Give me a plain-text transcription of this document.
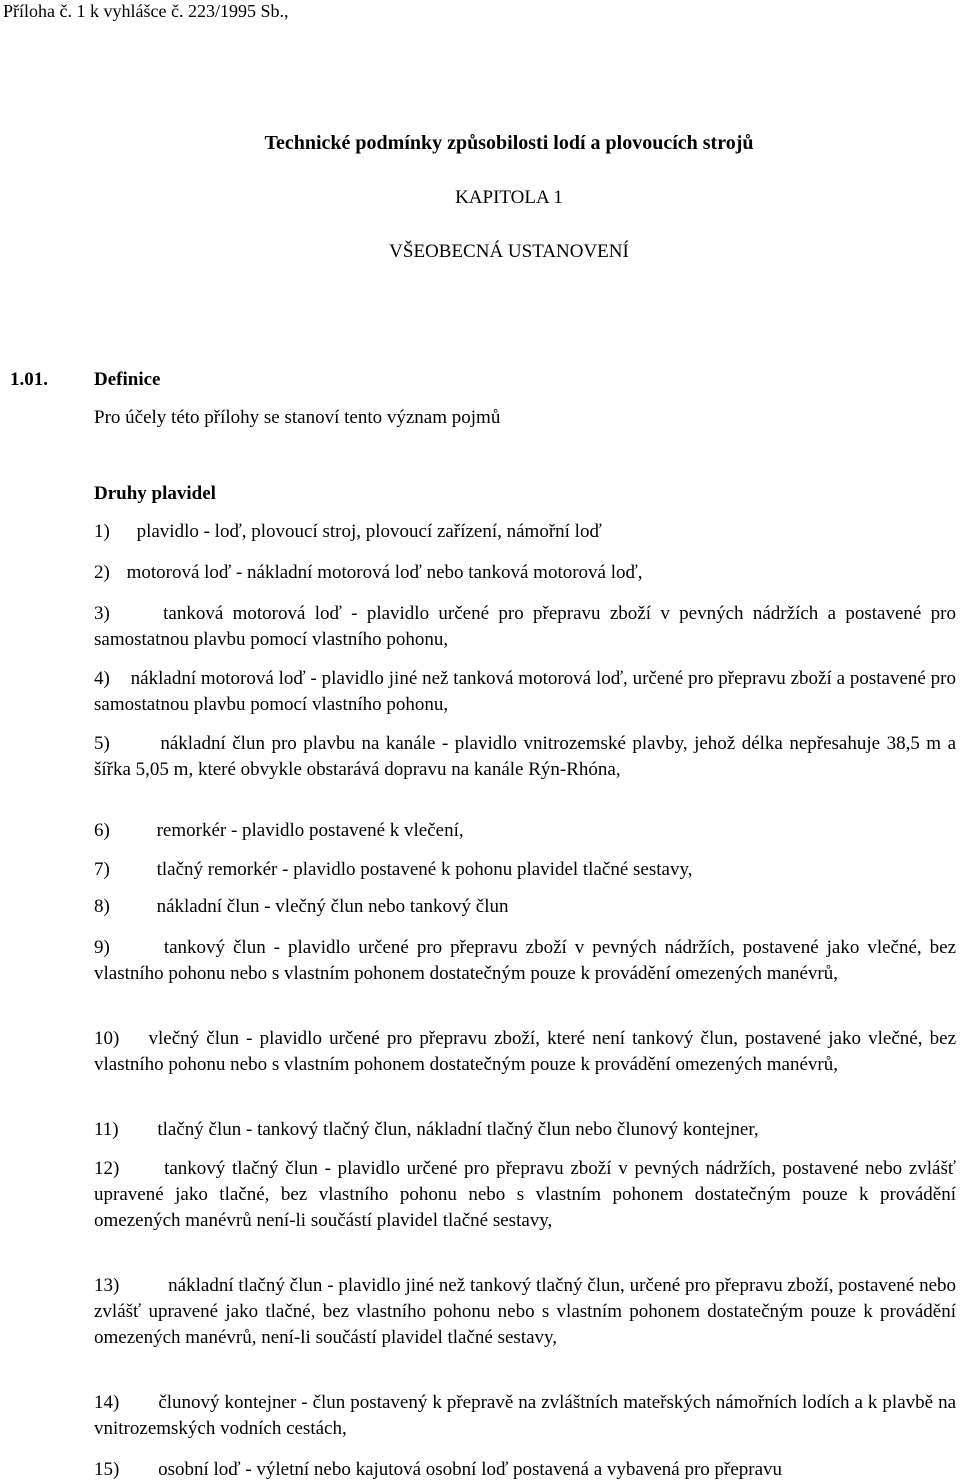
Příloha č. 1 k vyhlášce č. 223/1995 Sb.,
Technické podmínky způsobilosti lodí a plovoucích strojů
KAPITOLA 1
VŠEOBECNÁ USTANOVENÍ
1.01. Definice
Pro účely této přílohy se stanoví tento význam pojmů
Druhy plavidel
1) plavidlo - loď, plovoucí stroj, plovoucí zařízení, námořní loď
2) motorová loď - nákladní motorová loď nebo tanková motorová loď,
3)	tanková motorová loď - plavidlo určené pro přepravu zboží v pevných nádržích a postavené pro samostatnou plavbu pomocí vlastního pohonu,
4) nákladní motorová loď - plavidlo jiné než tanková motorová loď, určené pro přepravu zboží a postavené pro samostatnou plavbu pomocí vlastního pohonu,
5)	nákladní člun pro plavbu na kanále - plavidlo vnitrozemské plavby, jehož délka nepřesahuje 38,5 m a šířka 5,05 m, které obvykle obstarává dopravu na kanále Rýn-Rhóna,
6) remorkér - plavidlo postavené k vlečení,
7) tlačný remorkér - plavidlo postavené k pohonu plavidel tlačné sestavy,
8) nákladní člun - vlečný člun nebo tankový člun
9)	tankový člun - plavidlo určené pro přepravu zboží v pevných nádržích, postavené jako vlečné, bez vlastního pohonu nebo s vlastním pohonem dostatečným pouze k provádění omezených manévrů,
10) vlečný člun - plavidlo určené pro přepravu zboží, které není tankový člun, postavené jako vlečné, bez vlastního pohonu nebo s vlastním pohonem dostatečným pouze k provádění omezených manévrů,
11) tlačný člun - tankový tlačný člun, nákladní tlačný člun nebo člunový kontejner,
12) tankový tlačný člun - plavidlo určené pro přepravu zboží v pevných nádržích, postavené nebo zvlášť upravené jako tlačné, bez vlastního pohonu nebo s vlastním pohonem dostatečným pouze k provádění omezených manévrů není-li součástí plavidel tlačné sestavy,
13)	nákladní tlačný člun - plavidlo jiné než tankový tlačný člun, určené pro přepravu zboží, postavené nebo zvlášť upravené jako tlačné, bez vlastního pohonu nebo s vlastním pohonem dostatečným pouze k provádění omezených manévrů, není-li součástí plavidel tlačné sestavy,
14) člunový kontejner - člun postavený k přepravě na zvláštních mateřských námořních lodích a k plavbě na vnitrozemských vodních cestách,
15) osobní loď - výletní nebo kajutová osobní loď postavená a vybavená pro přepravu
